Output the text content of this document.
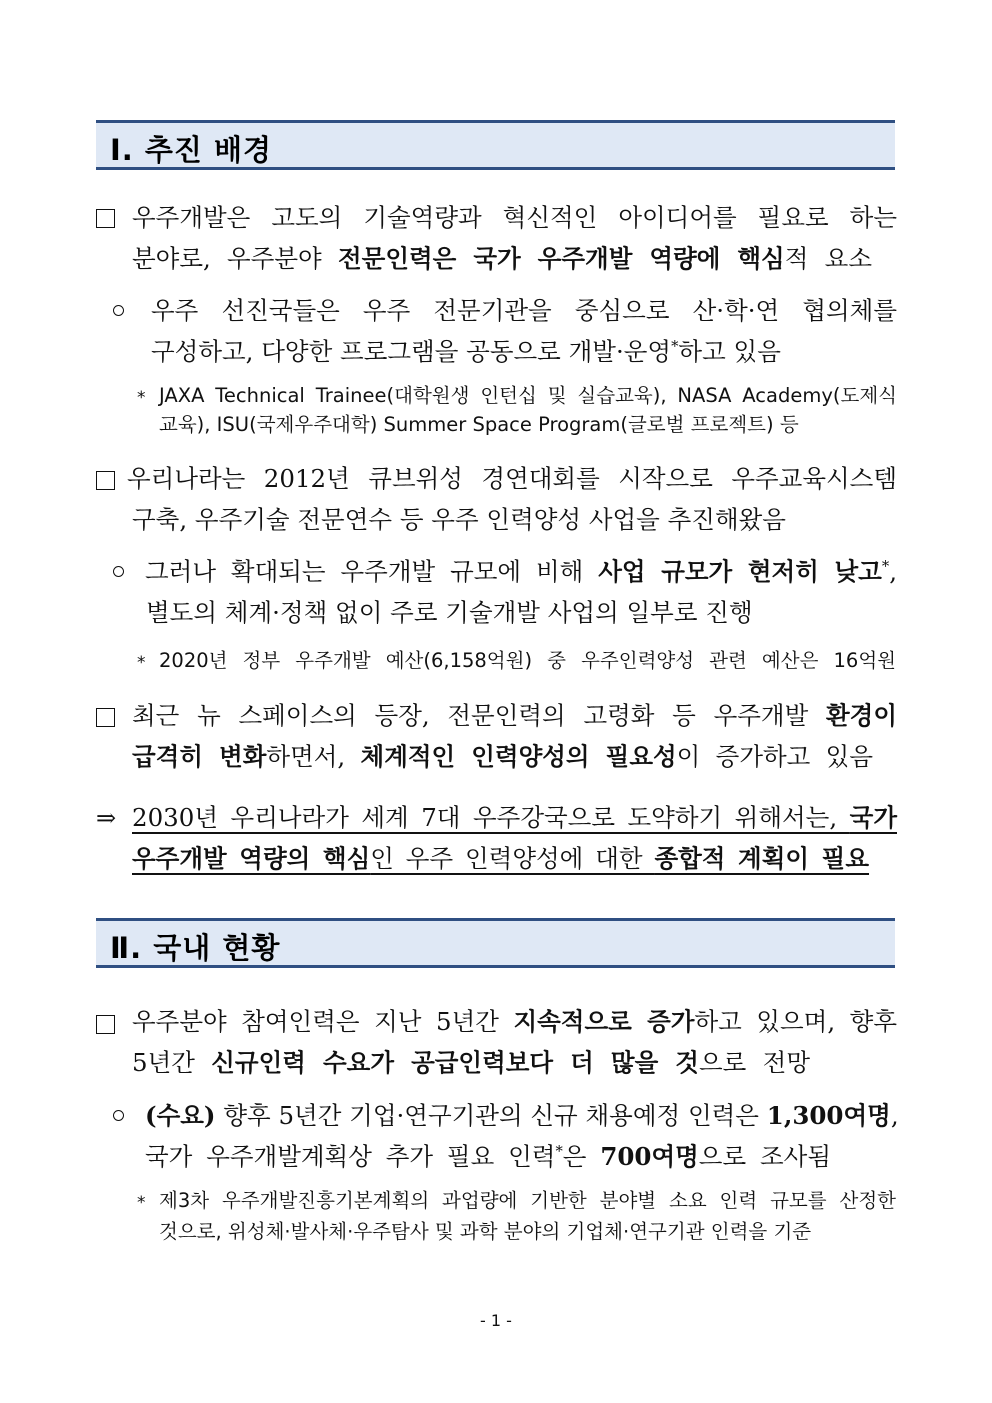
Ⅰ. 추진 배경
우주개발은 고도의 기술역량과 혁신적인 아이디어를 필요로 하는
분야로, 우주분야 전문인력은 국가 우주개발 역량에 핵심적 요소
우주 선진국들은 우주 전문기관을 중심으로 산·학·연 협의체를
구성하고, 다양한 프로그램을 공동으로 개발·운영*하고 있음
* JAXA Technical Trainee(대학원생 인턴십 및 실습교육), NASA Academy(도제식
교육), ISU(국제우주대학) Summer Space Program(글로벌 프로젝트) 등
우리나라는 2012년 큐브위성 경연대회를 시작으로 우주교육시스템
구축, 우주기술 전문연수 등 우주 인력양성 사업을 추진해왔음
그러나 확대되는 우주개발 규모에 비해 사업 규모가 현저히 낮고*,
별도의 체계·정책 없이 주로 기술개발 사업의 일부로 진행
* 2020년 정부 우주개발 예산(6,158억원) 중 우주인력양성 관련 예산은 16억원
최근 뉴 스페이스의 등장, 전문인력의 고령화 등 우주개발 환경이
급격히 변화하면서, 체계적인 인력양성의 필요성이 증가하고 있음
⇒ 2030년 우리나라가 세계 7대 우주강국으로 도약하기 위해서는, 국가
우주개발 역량의 핵심인 우주 인력양성에 대한 종합적 계획이 필요
Ⅱ. 국내 현황
우주분야 참여인력은 지난 5년간 지속적으로 증가하고 있으며, 향후
5년간 신규인력 수요가 공급인력보다 더 많을 것으로 전망
(수요) 향후 5년간 기업·연구기관의 신규 채용예정 인력은 1,300여명,
국가 우주개발계획상 추가 필요 인력*은 700여명으로 조사됨
* 제3차 우주개발진흥기본계획의 과업량에 기반한 분야별 소요 인력 규모를 산정한
것으로, 위성체·발사체·우주탐사 및 과학 분야의 기업체·연구기관 인력을 기준
- 1 -
